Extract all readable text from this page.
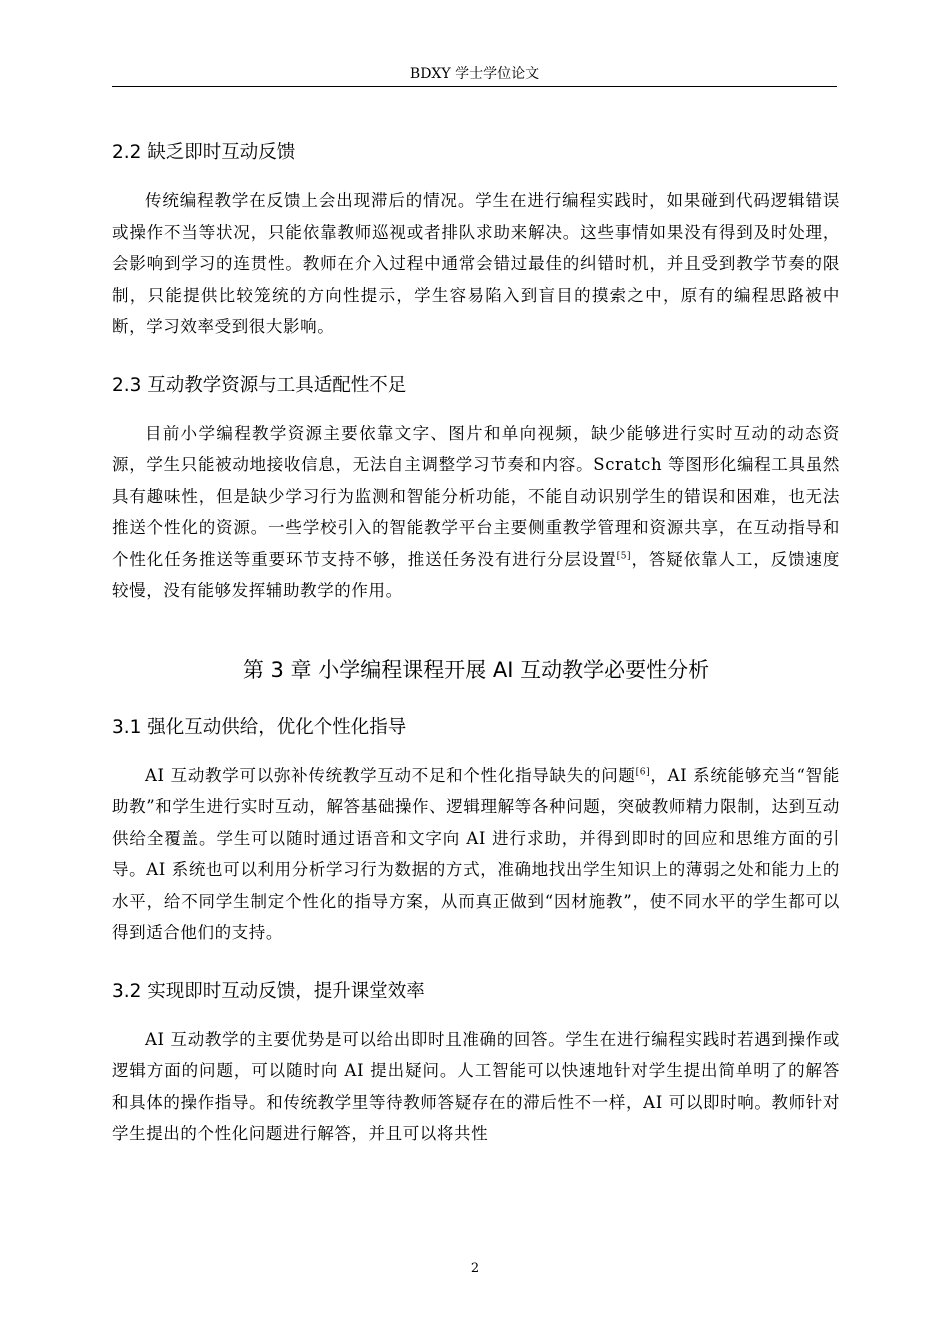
BDXY 学士学位论文
2.2 缺乏即时互动反馈

传统编程教学在反馈上会出现滞后的情况。学生在进行编程实践时，如果碰到代码逻辑错误或操作不当等状况，只能依靠教师巡视或者排队求助来解决。这些事情如果没有得到及时处理，会影响到学习的连贯性。教师在介入过程中通常会错过最佳的纠错时机，并且受到教学节奏的限制，只能提供比较笼统的方向性提示，学生容易陷入到盲目的摸索之中，原有的编程思路被中断，学习效率受到很大影响。

2.3 互动教学资源与工具适配性不足

目前小学编程教学资源主要依靠文字、图片和单向视频，缺少能够进行实时互动的动态资源，学生只能被动地接收信息，无法自主调整学习节奏和内容。Scratch 等图形化编程工具虽然具有趣味性，但是缺少学习行为监测和智能分析功能，不能自动识别学生的错误和困难，也无法推送个性化的资源。一些学校引入的智能教学平台主要侧重教学管理和资源共享，在互动指导和个性化任务推送等重要环节支持不够，推送任务没有进行分层设置[5]，答疑依靠人工，反馈速度较慢，没有能够发挥辅助教学的作用。

第 3 章 小学编程课程开展 AI 互动教学必要性分析
3.1 强化互动供给，优化个性化指导

AI 互动教学可以弥补传统教学互动不足和个性化指导缺失的问题[6]，AI 系统能够充当“智能助教”和学生进行实时互动，解答基础操作、逻辑理解等各种问题，突破教师精力限制，达到互动供给全覆盖。学生可以随时通过语音和文字向 AI 进行求助，并得到即时的回应和思维方面的引导。AI 系统也可以利用分析学习行为数据的方式，准确地找出学生知识上的薄弱之处和能力上的水平，给不同学生制定个性化的指导方案，从而真正做到“因材施教”，使不同水平的学生都可以得到适合他们的支持。

3.2 实现即时互动反馈，提升课堂效率

AI 互动教学的主要优势是可以给出即时且准确的回答。学生在进行编程实践时若遇到操作或逻辑方面的问题，可以随时向 AI 提出疑问。人工智能可以快速地针对学生提出简单明了的解答和具体的操作指导。和传统教学里等待教师答疑存在的滞后性不一样，AI 可以即时响。教师针对学生提出的个性化问题进行解答，并且可以将共性

2
